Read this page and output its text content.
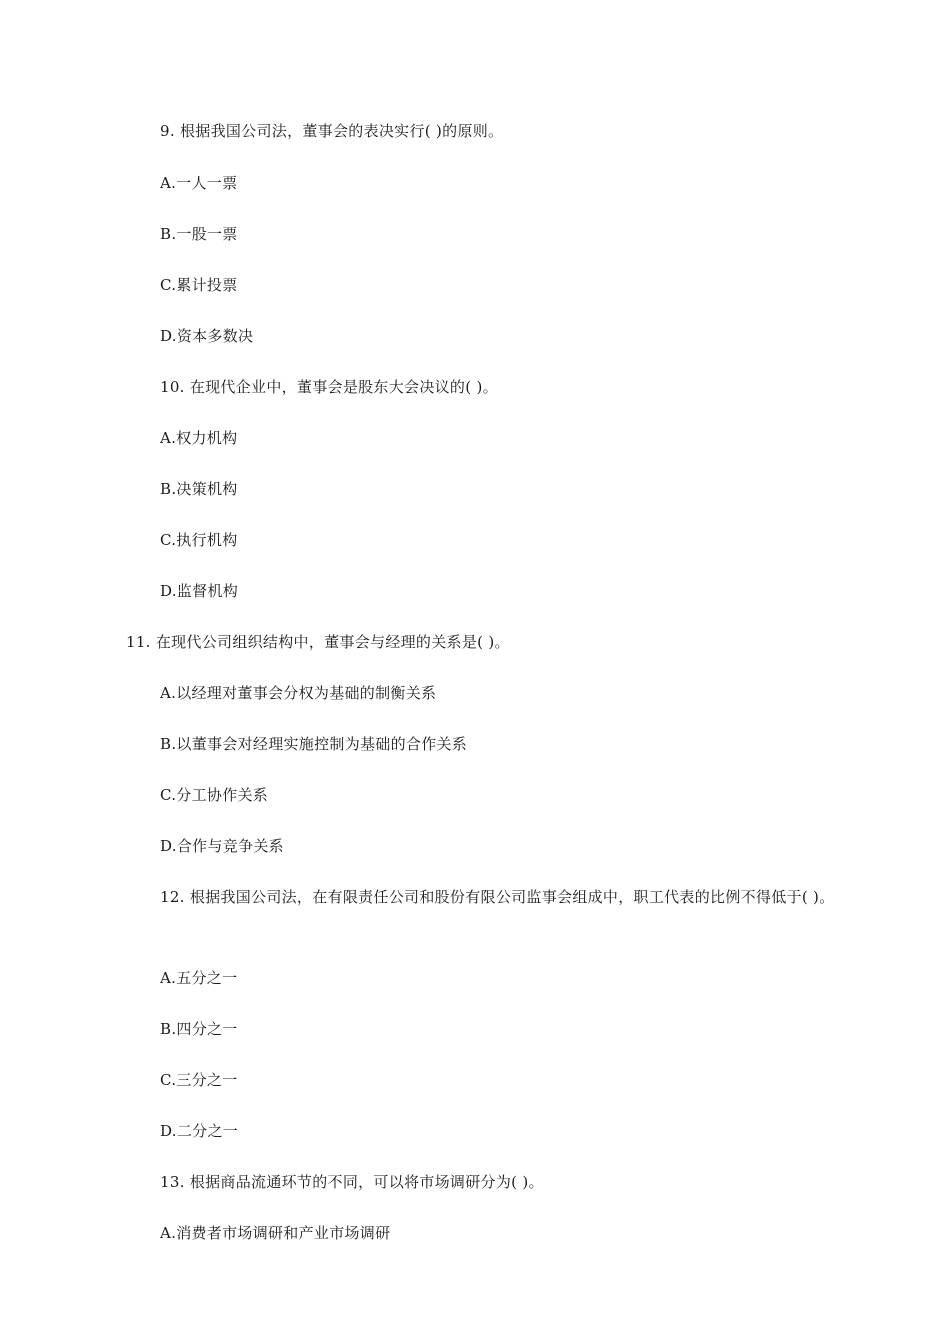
9. 根据我国公司法，董事会的表决实行( )的原则。
A.一人一票
B.一股一票
C.累计投票
D.资本多数决
10. 在现代企业中，董事会是股东大会决议的( )。
A.权力机构
B.决策机构
C.执行机构
D.监督机构
11. 在现代公司组织结构中，董事会与经理的关系是( )。
A.以经理对董事会分权为基础的制衡关系
B.以董事会对经理实施控制为基础的合作关系
C.分工协作关系
D.合作与竞争关系
12. 根据我国公司法，在有限责任公司和股份有限公司监事会组成中，职工代表的比例不得低于( )。
A.五分之一
B.四分之一
C.三分之一
D.二分之一
13. 根据商品流通环节的不同，可以将市场调研分为( )。
A.消费者市场调研和产业市场调研
